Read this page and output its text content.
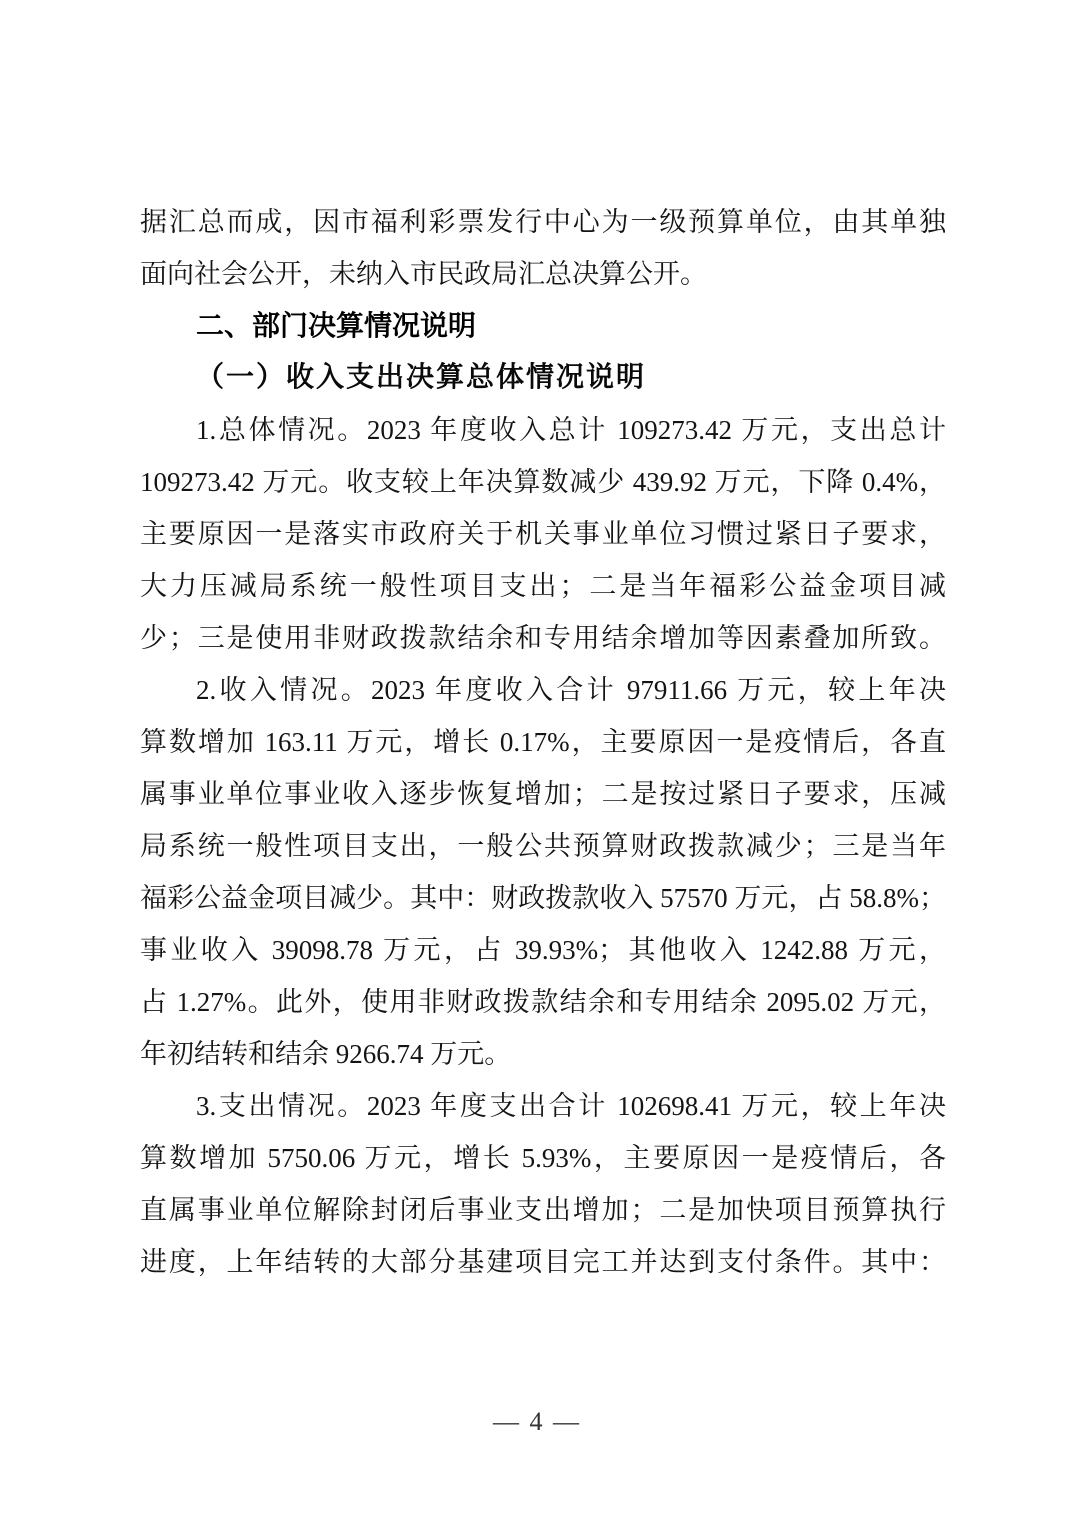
据汇总而成，因市福利彩票发行中心为一级预算单位，由其单独
面向社会公开，未纳入市民政局汇总决算公开。
二、部门决算情况说明
（一）收入支出决算总体情况说明
1.总体情况。2023 年度收入总计 109273.42 万元，支出总计
109273.42 万元。收支较上年决算数减少 439.92 万元，下降 0.4%，
主要原因一是落实市政府关于机关事业单位习惯过紧日子要求，
大力压减局系统一般性项目支出；二是当年福彩公益金项目减
少；三是使用非财政拨款结余和专用结余增加等因素叠加所致。
2.收入情况。2023 年度收入合计 97911.66 万元，较上年决
算数增加 163.11 万元，增长 0.17%，主要原因一是疫情后，各直
属事业单位事业收入逐步恢复增加；二是按过紧日子要求，压减
局系统一般性项目支出，一般公共预算财政拨款减少；三是当年
福彩公益金项目减少。其中：财政拨款收入 57570 万元，占 58.8%；
事业收入 39098.78 万元，占 39.93%；其他收入 1242.88 万元，
占 1.27%。此外，使用非财政拨款结余和专用结余 2095.02 万元，
年初结转和结余 9266.74 万元。
3.支出情况。2023 年度支出合计 102698.41 万元，较上年决
算数增加 5750.06 万元，增长 5.93%，主要原因一是疫情后，各
直属事业单位解除封闭后事业支出增加；二是加快项目预算执行
进度，上年结转的大部分基建项目完工并达到支付条件。其中：
— 4 —
